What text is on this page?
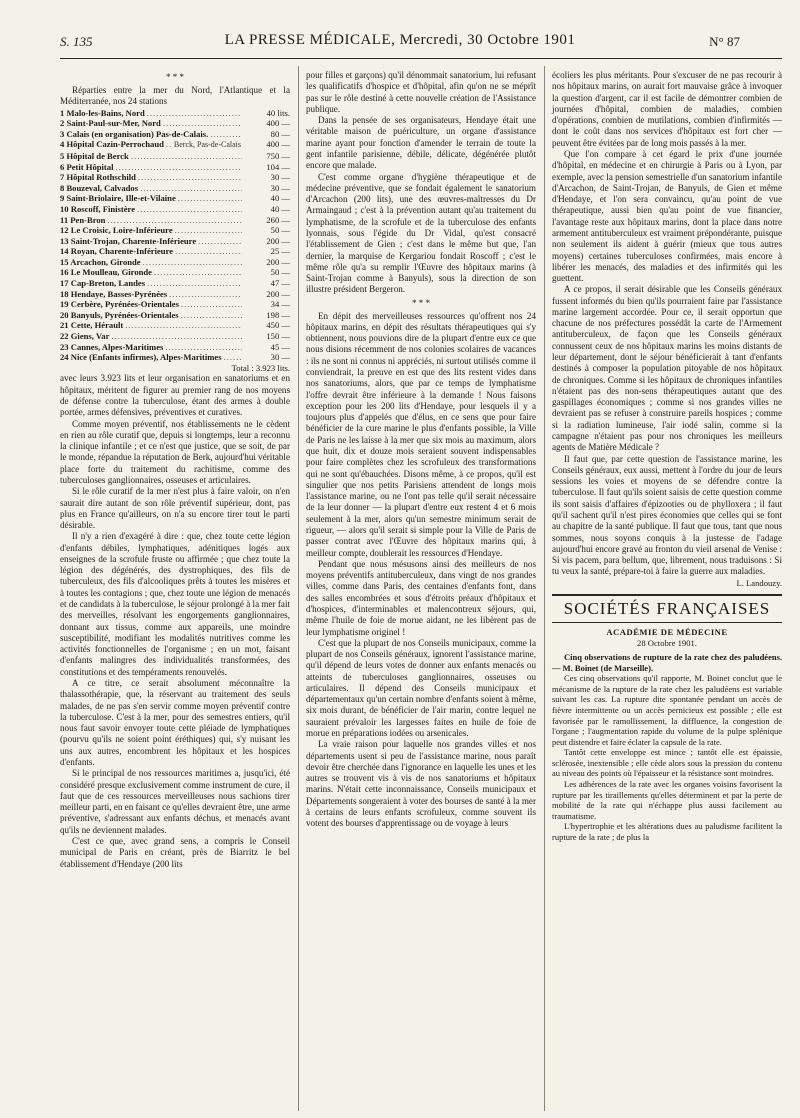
S. 135	LA PRESSE MÉDICALE, Mercredi, 30 Octobre 1901	N° 87

* * *

Réparties entre la mer du Nord, l'Atlantique et la Méditerranée, nos 24 stations

1 Malo-les-Bains, Nord .....	40 lits.
2 Saint-Paul-sur-Mer, Nord .....	400 —
3 Calais (en organisation) Pas-de-Calais. .....	80 —
4 Hôpital Cazin-Perrochaud ..... Berck, Pas-de-Calais	400 —
5 Hôpital de Berck .....	750 —
6 Petit Hôpital .....	104 —
7 Hôpital Rothschild .....	30 —
8 Bouzeval, Calvados .....	30 —
9 Saint-Briolaire, Ille-et-Vilaine .....	40 —
10 Roscoff, Finistère .....	40 —
11 Pen-Bron .....	260 —
12 Le Croisic, Loire-Inférieure .....	50 —
13 Saint-Trojan, Charente-Inférieure .....	200 —
14 Royan, Charente-Inférieure .....	25 —
15 Arcachon, Gironde .....	200 —
16 Le Moulleau, Gironde .....	50 —
17 Cap-Breton, Landes .....	47 —
18 Hendaye, Basses-Pyrénées .....	200 —
19 Cerbère, Pyrénées-Orientales .....	34 —
20 Banyuls, Pyrénées-Orientales .....	198 —
21 Cette, Hérault .....	450 —
22 Giens, Var .....	150 —
23 Cannes, Alpes-Maritimes .....	45 —
24 Nice (Enfants infirmes), Alpes-Maritimes .....	30 —

Total : 3.923 lits.

avec leurs 3.923 lits et leur organisation en sanatoriums et en hôpitaux, méritent de figurer au premier rang de nos moyens de défense contre la tuberculose, étant des armes à double portée, armes défensives, préventives et curatives.

Comme moyen préventif, nos établissements ne le cèdent en rien au rôle curatif que, depuis si longtemps, leur a reconnu la clinique infantile ; et ce n'est que justice, que se soit, de par le monde, répandue la réputation de Berk, aujourd'hui véritable place forte du traitement du rachitisme, comme des tuberculoses ganglionnaires, osseuses et articulaires.

Si le rôle curatif de la mer n'est plus à faire valoir, on n'en saurait dire autant de son rôle préventif supérieur, dont, pas plus en France qu'ailleurs, on n'a su encore tirer tout le parti désirable.

Il n'y a rien d'exagéré à dire : que, chez toute cette légion d'enfants débiles, lymphatiques, adénitiques logés aux enseignes de la scrofule fruste ou affirmée ; que chez toute la légion des dégénérés, des dystrophiques, des fils de tuberculeux, des fils d'alcooliques prêts à toutes les misères et à toutes les contagions ; que, chez toute une légion de menacés et de candidats à la tuberculose, le séjour prolongé à la mer fait des merveilles, résolvant les engorgements ganglionnaires, donnant aux tissus, comme aux appareils, une moindre susceptibilité, modifiant les modalités nutritives comme les activités fonctionnelles de l'organisme ; en un mot, faisant d'enfants malingres des individualités transformées, des constitutions et des tempéraments renouvelés.

A ce titre, ce serait absolument méconnaître la thalassothérapie, que, la réservant au traitement des seuls malades, de ne pas s'en servir comme moyen préventif contre la tuberculose. C'est à la mer, pour des semestres entiers, qu'il nous faut savoir envoyer toute cette pléiade de lymphatiques (pourvu qu'ils ne soient point éréthiques) qui, s'y nuisant les uns aux autres, encombrent les hôpitaux et les hospices d'enfants.

Si le principal de nos ressources maritimes a, jusqu'ici, été considéré presque exclusivement comme instrument de cure, il faut que de ces ressources merveilleuses nous sachions tirer meilleur parti, en en faisant ce qu'elles devraient être, une arme préventive, s'adressant aux enfants déchus, et menacés avant qu'ils ne deviennent malades.

C'est ce que, avec grand sens, a compris le Conseil municipal de Paris en créant, près de Biarritz le bel établissement d'Hendaye (200 lits

pour filles et garçons) qu'il dénommait sanatorium, lui refusant les qualificatifs d'hospice et d'hôpital, afin qu'on ne se méprît pas sur le rôle destiné à cette nouvelle création de l'Assistance publique.

Dans la pensée de ses organisateurs, Hendaye était une véritable maison de puériculture, un organe d'assistance marine ayant pour fonction d'amender le terrain de toute la gent infantile parisienne, débile, délicate, dégénérée plutôt encore que malade.

C'est comme organe d'hygiène thérapeutique et de médecine préventive, que se fondait également le sanatorium d'Arcachon (200 lits), une des œuvres-maîtresses du Dr Armaingaud ; c'est à la prévention autant qu'au traitement du lymphatisme, de la scrofule et de la tuberculose des enfants lyonnais, sous l'égide du Dr Vidal, qu'est consacré l'établissement de Gien ; c'est dans le même but que, l'an dernier, la marquise de Kergariou fondait Roscoff ; c'est le même rôle qu'a su remplir l'Œuvre des hôpitaux marins (à Saint-Trojan comme à Banyuls), sous la direction de son illustre président Bergeron.

* * *

En dépit des merveilleuses ressources qu'offrent nos 24 hôpitaux marins, en dépit des résultats thérapeutiques qui s'y obtiennent, nous pouvions dire de la plupart d'entre eux ce que nous disions récemment de nos colonies scolaires de vacances : ils ne sont ni connus ni appréciés, ni surtout utilisés comme il conviendrait, la preuve en est que des lits restent vides dans nos sanatoriums, alors, que par ce temps de lymphatisme l'offre devrait être inférieure à la demande ! Nous faisons exception pour les 200 lits d'Hendaye, pour lesquels il y a toujours plus d'appelés que d'élus, en ce sens que pour faire bénéficier de la cure marine le plus d'enfants possible, la Ville de Paris ne les laisse à la mer que six mois au maximum, alors que huit, dix et douze mois seraient souvent indispensables pour faire complètes chez les scrofuleux des transformations qui ne sont qu'ébauchées. Disons même, à ce propos, qu'il est singulier que nos petits Parisiens attendent de longs mois l'assistance marine, ou ne l'ont pas telle qu'il serait nécessaire de la leur donner — la plupart d'entre eux restent 4 et 6 mois seulement à la mer, alors qu'un semestre minimum serait de rigueur, — alors qu'il serait si simple pour la Ville de Paris de passer contrat avec l'Œuvre des hôpitaux marins qui, à meilleur compte, doublerait les ressources d'Hendaye.

Pendant que nous mésusons ainsi des meilleurs de nos moyens préventifs antituberculeux, dans vingt de nos grandes villes, comme dans Paris, des centaines d'enfants font, dans des salles encombrées et sous d'étroits préaux d'hôpitaux et d'hospices, d'interminables et malencontreux séjours, qui, même l'huile de foie de morue aidant, ne les libèrent pas de leur lymphatisme originel !

C'est que la plupart de nos Conseils municipaux, comme la plupart de nos Conseils généraux, ignorent l'assistance marine, qu'il dépend de leurs votes de donner aux enfants menacés ou atteints de tuberculoses ganglionnaires, osseuses ou articulaires. Il dépend des Conseils municipaux et départementaux qu'un certain nombre d'enfants soient à même, six mois durant, de bénéficier de l'air marin, contre lequel ne sauraient prévaloir les largesses faites en huile de foie de morue en préparations iodées ou arsenicales.

La vraie raison pour laquelle nos grandes villes et nos départements usent si peu de l'assistance marine, nous paraît devoir être cherchée dans l'ignorance en laquelle les unes et les autres se trouvent vis à vis de nos sanatoriums et hôpitaux marins. N'était cette inconnaissance, Conseils municipaux et Départements songeraient à voter des bourses de santé à la mer à certains de leurs enfants scrofuleux, comme souvent ils votent des bourses d'apprentissage ou de voyage à leurs

écoliers les plus méritants. Pour s'excuser de ne pas recourir à nos hôpitaux marins, on aurait fort mauvaise grâce à invoquer la question d'argent, car il est facile de démontrer combien de journées d'hôpital, combien de maladies, combien d'opérations, combien de mutilations, combien d'infirmités — dont le coût dans nos services d'hôpitaux est fort cher — peuvent être évitées par de long mois passés à la mer.

Que l'on compare à cet égard le prix d'une journée d'hôpital, en médecine et en chirurgie à Paris ou à Lyon, par exemple, avec la pension semestrielle d'un sanatorium infantile d'Arcachon, de Saint-Trojan, de Banyuls, de Gien et même d'Hendaye, et l'on sera convaincu, qu'au point de vue thérapeutique, aussi bien qu'au point de vue financier, l'avantage reste aux hôpitaux marins, dont la place dans notre armement antituberculeux est vraiment prépondérante, puisque non seulement ils aident à guérir (mieux que tous autres moyens) certaines tuberculoses confirmées, mais encore à libérer les menacés, des maladies et des infirmités qui les guettent.

A ce propos, il serait désirable que les Conseils généraux fussent informés du bien qu'ils pourraient faire par l'assistance marine largement accordée. Pour ce, il serait opportun que chacune de nos préfectures possédât la carte de l'Armement antituberculeux, de façon que les Conseils généraux connussent ceux de nos hôpitaux marins les moins distants de leur département, dont le séjour bénéficierait à tant d'enfants destinés à composer la population pitoyable de nos hôpitaux de chroniques. Comme si les hôpitaux de chroniques infantiles n'étaient pas des non-sens thérapeutiques autant que des gaspillages économiques ; comme si nos grandes villes ne devraient pas se refuser à construire pareils hospices ; comme si la radiation lumineuse, l'air iodé salin, comme si la campagne n'étaient pas pour nos chroniques les meilleurs agents de Matière Médicale ?

Il faut que, par cette question de l'assistance marine, les Conseils généraux, eux aussi, mettent à l'ordre du jour de leurs sessions les voies et moyens de se défendre contre la tuberculose. Il faut qu'ils soient saisis de cette question comme ils sont saisis d'affaires d'épizooties ou de phylloxera ; il faut qu'il sachent qu'il n'est pires économies que celles qui se font au chapitre de la santé publique. Il faut que tous, tant que nous sommes, nous soyons conquis à la justesse de l'adage aujourd'hui encore gravé au fronton du vieil arsenal de Venise : Si vis pacem, para bellum, que, librement, nous traduisons : Si tu veux la santé, prépare-toi à faire la guerre aux maladies.

L. Landouzy.

SOCIÉTÉS FRANÇAISES

ACADÉMIE DE MÉDECINE

28 Octobre 1901.

Cinq observations de rupture de la rate chez des paludéens. — M. Boinet (de Marseille).

Ces cinq observations qu'il rapporte, M. Boinet conclut que le mécanisme de la rupture de la rate chez les paludéens est variable suivant les cas. La rupture dite spontanée pendant un accès de fièvre intermittente ou un accès pernicieux est possible ; elle est favorisée par le ramollissement, la diffluence, la congestion de l'organe ; l'augmentation rapide du volume de la pulpe splénique peut distendre et faire éclater la capsule de la rate.

Tantôt cette enveloppe est mince ; tantôt elle est épaissie, sclérosée, inextensible ; elle cède alors sous la pression du contenu au niveau des points où l'épaisseur et la résistance sont moindres.

Les adhérences de la rate avec les organes voisins favorisent la rupture par les tiraillements qu'elles déterminent et par la perte de mobilité de la rate qui n'échappe plus aussi facilement au traumatisme.

L'hypertrophie et les altérations dues au paludisme facilitent la rupture de la rate ; de plus la
